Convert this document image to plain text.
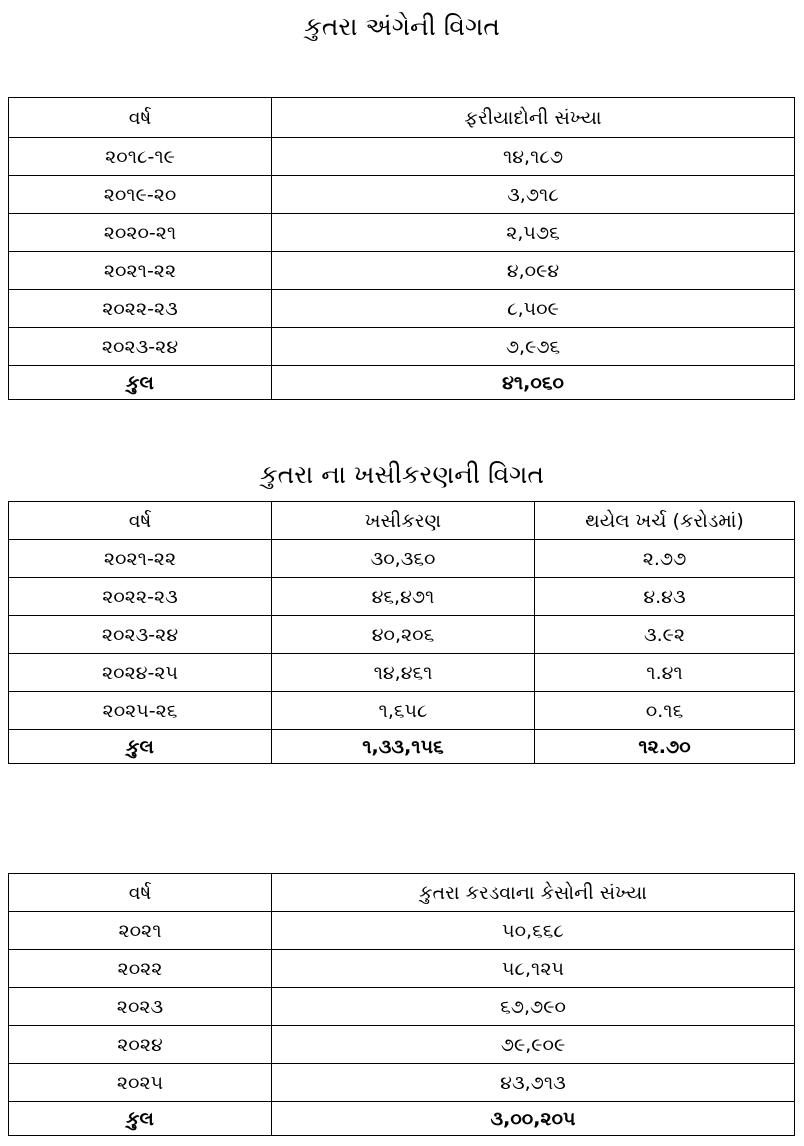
કુતરા અંગેની વિગત
વર્ષ	ફરીયાદોની સંખ્યા
૨૦૧૮-૧૯	૧૪,૧૮૭
૨૦૧૯-૨૦	૩,૭૧૮
૨૦૨૦-૨૧	૨,૫૭૬
૨૦૨૧-૨૨	૪,૦૯૪
૨૦૨૨-૨૩	૮,૫૦૯
૨૦૨૩-૨૪	૭,૯૭૬
કુલ	૪૧,૦૬૦
કુતરા ના ખસીકરણની વિગત
વર્ષ	ખસીકરણ	થયેલ ખર્ચ (કરોડમાં)
૨૦૨૧-૨૨	૩૦,૩૬૦	૨.૭૭
૨૦૨૨-૨૩	૪૬,૪૭૧	૪.૪૩
૨૦૨૩-૨૪	૪૦,૨૦૬	૩.૯૨
૨૦૨૪-૨૫	૧૪,૪૬૧	૧.૪૧
૨૦૨૫-૨૬	૧,૬૫૮	૦.૧૬
કુલ	૧,૩૩,૧૫૬	૧૨.૭૦
વર્ષ	કુતરા કરડવાના કેસોની સંખ્યા
૨૦૨૧	૫૦,૬૬૮
૨૦૨૨	૫૮,૧૨૫
૨૦૨૩	૬૭,૭૯૦
૨૦૨૪	૭૯,૯૦૯
૨૦૨૫	૪૩,૭૧૩
કુલ	૩,૦૦,૨૦૫
